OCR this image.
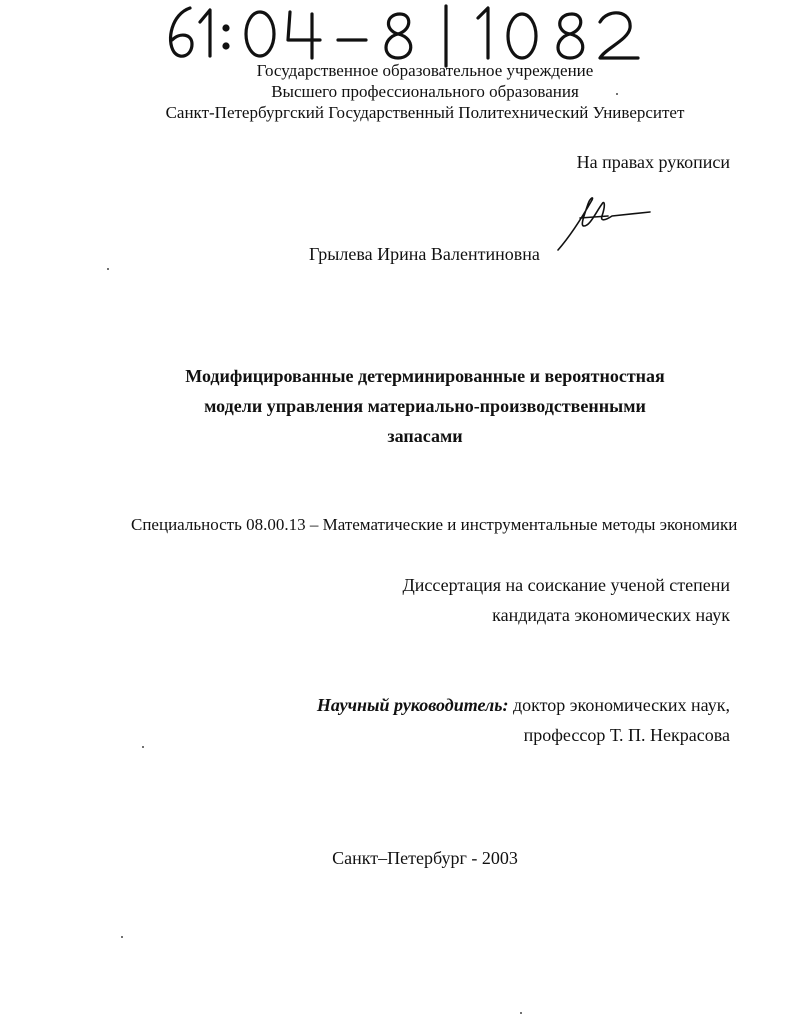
Государственное образовательное учреждение
Высшего профессионального образования
Санкт-Петербургский Государственный Политехнический Университет
На правах рукописи
Грылева Ирина Валентиновна
Модифицированные детерминированные и вероятностная
модели управления материально-производственными
запасами
Специальность 08.00.13 – Математические и инструментальные методы экономики
Диссертация на соискание ученой степени
кандидата экономических наук
Научный руководитель: доктор экономических наук,
профессор Т. П. Некрасова
Санкт–Петербург - 2003
